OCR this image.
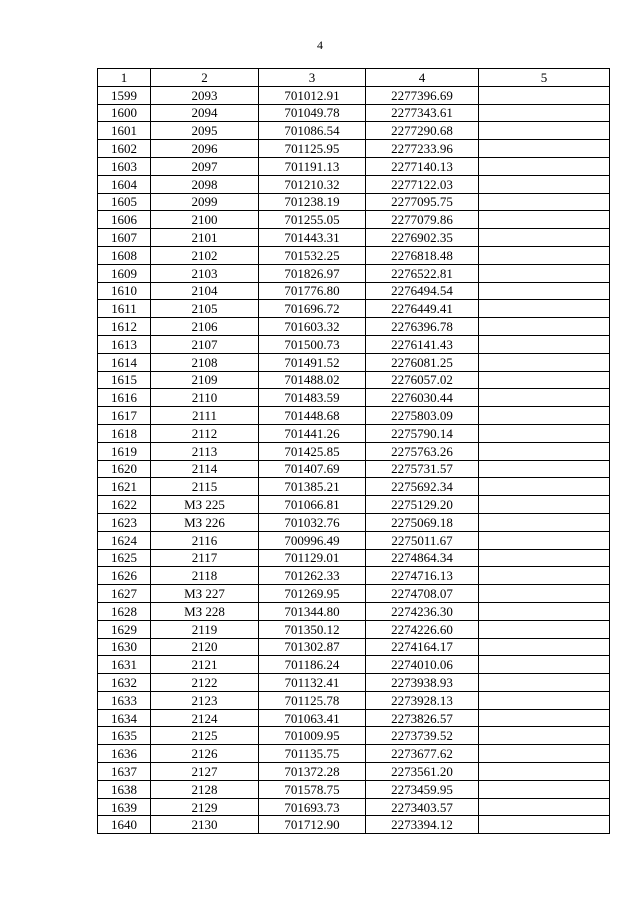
4
1	2	3	4	5
1599	2093	701012.91	2277396.69	
1600	2094	701049.78	2277343.61	
1601	2095	701086.54	2277290.68	
1602	2096	701125.95	2277233.96	
1603	2097	701191.13	2277140.13	
1604	2098	701210.32	2277122.03	
1605	2099	701238.19	2277095.75	
1606	2100	701255.05	2277079.86	
1607	2101	701443.31	2276902.35	
1608	2102	701532.25	2276818.48	
1609	2103	701826.97	2276522.81	
1610	2104	701776.80	2276494.54	
1611	2105	701696.72	2276449.41	
1612	2106	701603.32	2276396.78	
1613	2107	701500.73	2276141.43	
1614	2108	701491.52	2276081.25	
1615	2109	701488.02	2276057.02	
1616	2110	701483.59	2276030.44	
1617	2111	701448.68	2275803.09	
1618	2112	701441.26	2275790.14	
1619	2113	701425.85	2275763.26	
1620	2114	701407.69	2275731.57	
1621	2115	701385.21	2275692.34	
1622	МЗ 225	701066.81	2275129.20	
1623	МЗ 226	701032.76	2275069.18	
1624	2116	700996.49	2275011.67	
1625	2117	701129.01	2274864.34	
1626	2118	701262.33	2274716.13	
1627	МЗ 227	701269.95	2274708.07	
1628	МЗ 228	701344.80	2274236.30	
1629	2119	701350.12	2274226.60	
1630	2120	701302.87	2274164.17	
1631	2121	701186.24	2274010.06	
1632	2122	701132.41	2273938.93	
1633	2123	701125.78	2273928.13	
1634	2124	701063.41	2273826.57	
1635	2125	701009.95	2273739.52	
1636	2126	701135.75	2273677.62	
1637	2127	701372.28	2273561.20	
1638	2128	701578.75	2273459.95	
1639	2129	701693.73	2273403.57	
1640	2130	701712.90	2273394.12	
